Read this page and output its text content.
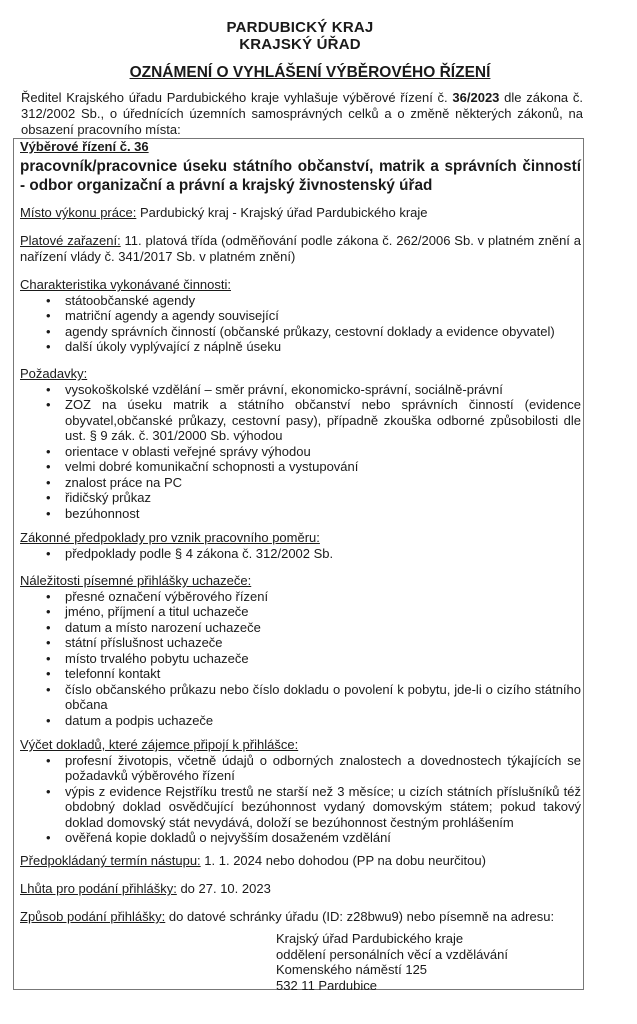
PARDUBICKÝ KRAJ
KRAJSKÝ ÚŘAD
OZNÁMENÍ O VYHLÁŠENÍ VÝBĚROVÉHO ŘÍZENÍ
Ředitel Krajského úřadu Pardubického kraje vyhlašuje výběrové řízení č. 36/2023 dle zákona č. 312/2002 Sb., o úřednících územních samosprávných celků a o změně některých zákonů, na obsazení pracovního místa:
Výběrové řízení č. 36
pracovník/pracovnice úseku státního občanství, matrik a správních činností - odbor organizační a právní a krajský živnostenský úřad
Místo výkonu práce: Pardubický kraj - Krajský úřad Pardubického kraje
Platové zařazení: 11. platová třída (odměňování podle zákona č. 262/2006 Sb. v platném znění a nařízení vlády č. 341/2017 Sb. v platném znění)
Charakteristika vykonávané činnosti:
• státoobčanské agendy
• matriční agendy a agendy související
• agendy správních činností (občanské průkazy, cestovní doklady a evidence obyvatel)
• další úkoly vyplývající z náplně úseku
Požadavky:
• vysokoškolské vzdělání – směr právní, ekonomicko-správní, sociálně-právní
• ZOZ na úseku matrik a státního občanství nebo správních činností (evidence obyvatel,občanské průkazy, cestovní pasy), případně zkouška odborné způsobilosti dle ust. § 9 zák. č. 301/2000 Sb. výhodou
• orientace v oblasti veřejné správy výhodou
• velmi dobré komunikační schopnosti a vystupování
• znalost práce na PC
• řidičský průkaz
• bezúhonnost
Zákonné předpoklady pro vznik pracovního poměru:
• předpoklady podle § 4 zákona č. 312/2002 Sb.
Náležitosti písemné přihlášky uchazeče:
• přesné označení výběrového řízení
• jméno, příjmení a titul uchazeče
• datum a místo narození uchazeče
• státní příslušnost uchazeče
• místo trvalého pobytu uchazeče
• telefonní kontakt
• číslo občanského průkazu nebo číslo dokladu o povolení k pobytu, jde-li o cizího státního občana
• datum a podpis uchazeče
Výčet dokladů, které zájemce připojí k přihlášce:
• profesní životopis, včetně údajů o odborných znalostech a dovednostech týkajících se požadavků výběrového řízení
• výpis z evidence Rejstříku trestů ne starší než 3 měsíce; u cizích státních příslušníků též obdobný doklad osvědčující bezúhonnost vydaný domovským státem; pokud takový doklad domovský stát nevydává, doloží se bezúhonnost čestným prohlášením
• ověřená kopie dokladů o nejvyšším dosaženém vzdělání
Předpokládaný termín nástupu: 1. 1. 2024 nebo dohodou (PP na dobu neurčitou)
Lhůta pro podání přihlášky: do 27. 10. 2023
Způsob podání přihlášky: do datové schránky úřadu (ID: z28bwu9) nebo písemně na adresu:
Krajský úřad Pardubického kraje
oddělení personálních věcí a vzdělávání
Komenského náměstí 125
532 11 Pardubice
